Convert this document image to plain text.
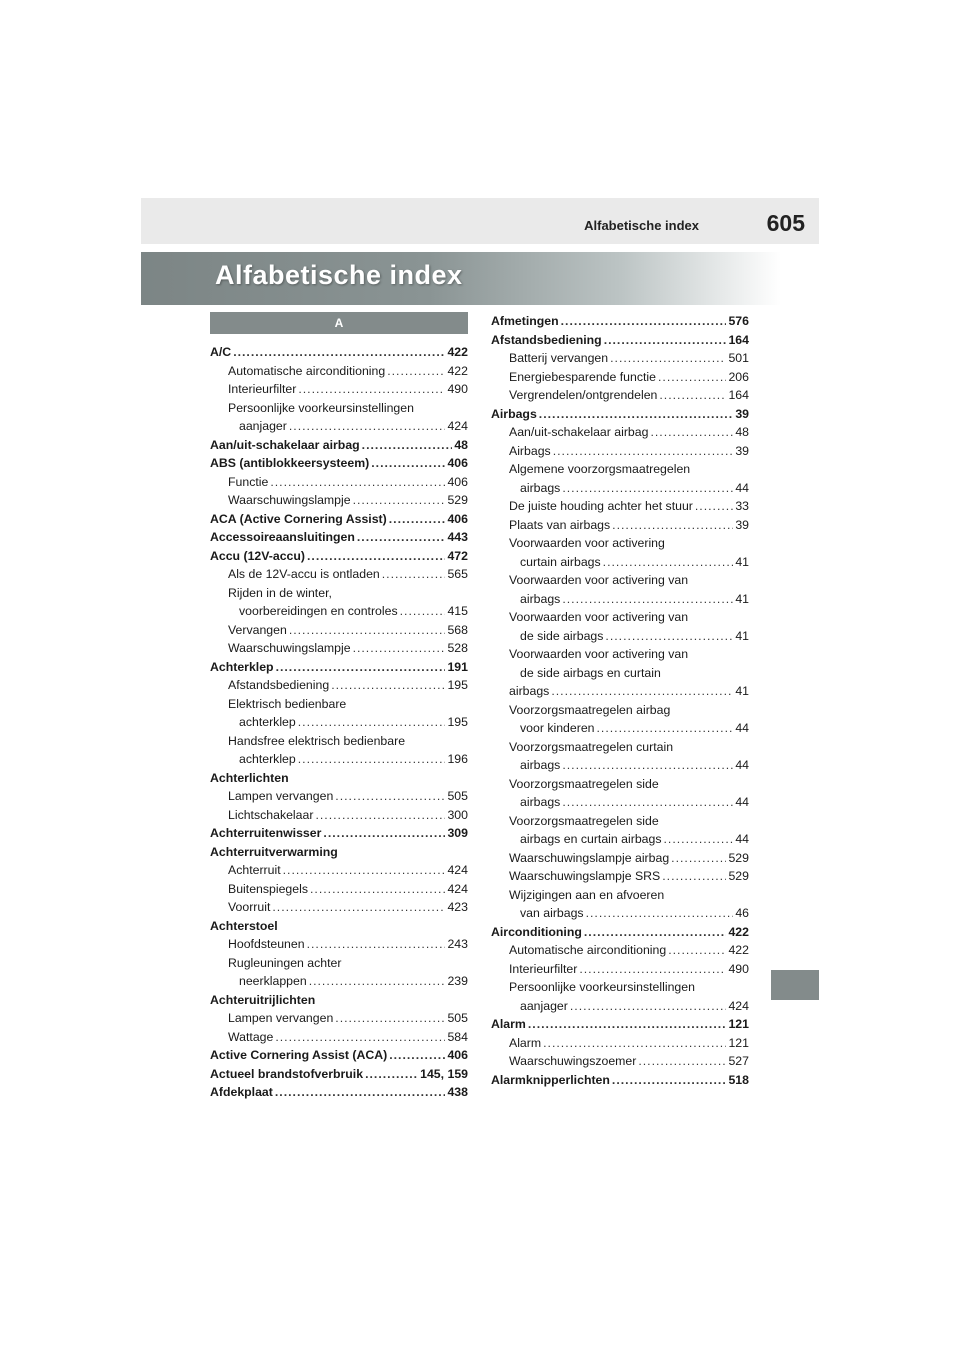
Alfabetische index	605
Alfabetische index
A
A/C .....	422
Automatische airconditioning .....	422
Interieurfilter .....	490
Persoonlijke voorkeursinstellingen
aanjager .....	424
Aan/uit-schakelaar airbag .....	48
ABS (antiblokkeersysteem) .....	406
Functie .....	406
Waarschuwingslampje .....	529
ACA (Active Cornering Assist) .....	406
Accessoireaansluitingen .....	443
Accu (12V-accu) .....	472
Als de 12V-accu is ontladen .....	565
Rijden in de winter,
voorbereidingen en controles .....	415
Vervangen .....	568
Waarschuwingslampje .....	528
Achterklep .....	191
Afstandsbediening .....	195
Elektrisch bedienbare
achterklep .....	195
Handsfree elektrisch bedienbare
achterklep .....	196
Achterlichten
Lampen vervangen .....	505
Lichtschakelaar .....	300
Achterruitenwisser .....	309
Achterruitverwarming
Achterruit .....	424
Buitenspiegels .....	424
Voorruit .....	423
Achterstoel
Hoofdsteunen .....	243
Rugleuningen achter
neerklappen .....	239
Achteruitrijlichten
Lampen vervangen .....	505
Wattage .....	584
Active Cornering Assist (ACA) .....	406
Actueel brandstofverbruik .....	145, 159
Afdekplaat .....	438
Afmetingen .....	576
Afstandsbediening .....	164
Batterij vervangen .....	501
Energiebesparende functie .....	206
Vergrendelen/ontgrendelen .....	164
Airbags .....	39
Aan/uit-schakelaar airbag .....	48
Airbags .....	39
Algemene voorzorgsmaatregelen
airbags .....	44
De juiste houding achter het stuur .....	33
Plaats van airbags .....	39
Voorwaarden voor activering
curtain airbags .....	41
Voorwaarden voor activering van
airbags .....	41
Voorwaarden voor activering van
de side airbags .....	41
Voorwaarden voor activering van
de side airbags en curtain
airbags .....	41
Voorzorgsmaatregelen airbag
voor kinderen .....	44
Voorzorgsmaatregelen curtain
airbags .....	44
Voorzorgsmaatregelen side
airbags .....	44
Voorzorgsmaatregelen side
airbags en curtain airbags .....	44
Waarschuwingslampje airbag .....	529
Waarschuwingslampje SRS .....	529
Wijzigingen aan en afvoeren
van airbags .....	46
Airconditioning .....	422
Automatische airconditioning .....	422
Interieurfilter .....	490
Persoonlijke voorkeursinstellingen
aanjager .....	424
Alarm .....	121
Alarm .....	121
Waarschuwingszoemer .....	527
Alarmknipperlichten .....	518
